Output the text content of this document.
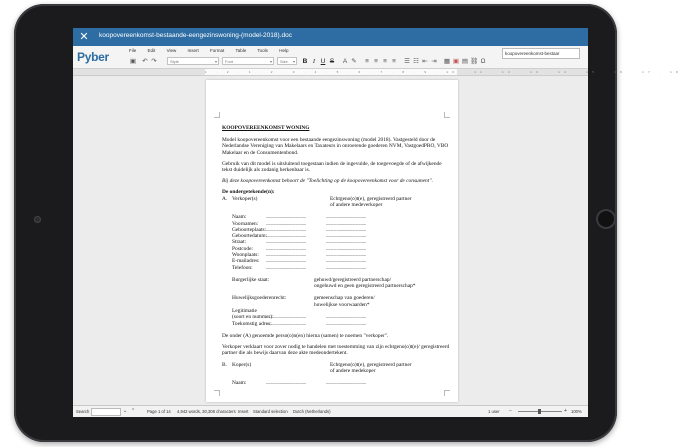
✕	koopovereenkomst-bestaande-eengezinswoning-(model-2018).doc
Pyber	File	Edit	View	Insert	Format Table Tools	Help
koopovereenkomst-bestaar
▣ ↶ ↷	Style ▾	Font ▾	Size ▾	B I U S A ✎	≡ ≡ ≡ ≡	☰ ☷ ⇤ ⇥ ▦ ▣ ▤ ⛓ Ω
1 · 2 · 1 · 2 · 3 · 4 · 5 · 6 · 7 · 8 · 9 · 10 · 11 · 12 · 13 · 14 · 15 · 16 · 17 · 18
KOOPOVEREENKOMST WONING

Model koopovereenkomst voor een bestaande eengezinswoning (model 2018). Vastgesteld door de Nederlandse Vereniging van Makelaars en Taxateurs in onroerende goederen NVM, VastgoedPRO, VBO Makelaar en de Consumentenbond.

Gebruik van dit model is uitsluitend toegestaan indien de ingevulde, de toegevoegde of de afwijkende tekst duidelijk als zodanig herkenbaar is.

Bij deze koopovereenkomst behoort de "Toelichting op de koopovereenkomst voor de consument".

De ondergetekende(n):
A. Verkoper(s)	Echtgeno(o)t(e), geregistreerd partner
of andere medeverkoper
Naam:	......................................	......................................
Voornamen: ......................................	......................................
Geboorteplaats: ......................................	......................................
Geboortedatum:
......................................	......................................
Straat:	......................................	......................................
Postcode: ......................................	......................................
Woonplaats: ......................................	......................................
E-mailadres: ......................................	......................................
Telefoon: ......................................	......................................
Burgerlijke staat:	gehuwd/geregistreerd partnerschap/
ongehuwd en geen geregistreerd partnerschap*
Huwelijksgoederenrecht:	gemeenschap van goederen/
huwelijkse voorwaarden*
Legitimatie
(soort en nummer):
......................................	......................................
Toekomstig adres:
......................................	......................................

De onder (A) genoemde perso(o)n(en) hierna (samen) te noemen "verkoper".

Verkoper verklaart voor zover nodig te handelen met toestemming van zijn echtgeno(o)t(e)/ geregistreerd partner die als bewijs daarvan deze akte medeondertekent.

B. Koper(s)	Echtgeno(o)t(e), geregistreerd partner
of andere medekoper
Naam:	......................................	......................................
Search	⌄ ⌃	Page 1 of 14 4,942 words, 30,308 characters Insert Standard selection Dutch (Netherlands)	1 user −	+ 100%
